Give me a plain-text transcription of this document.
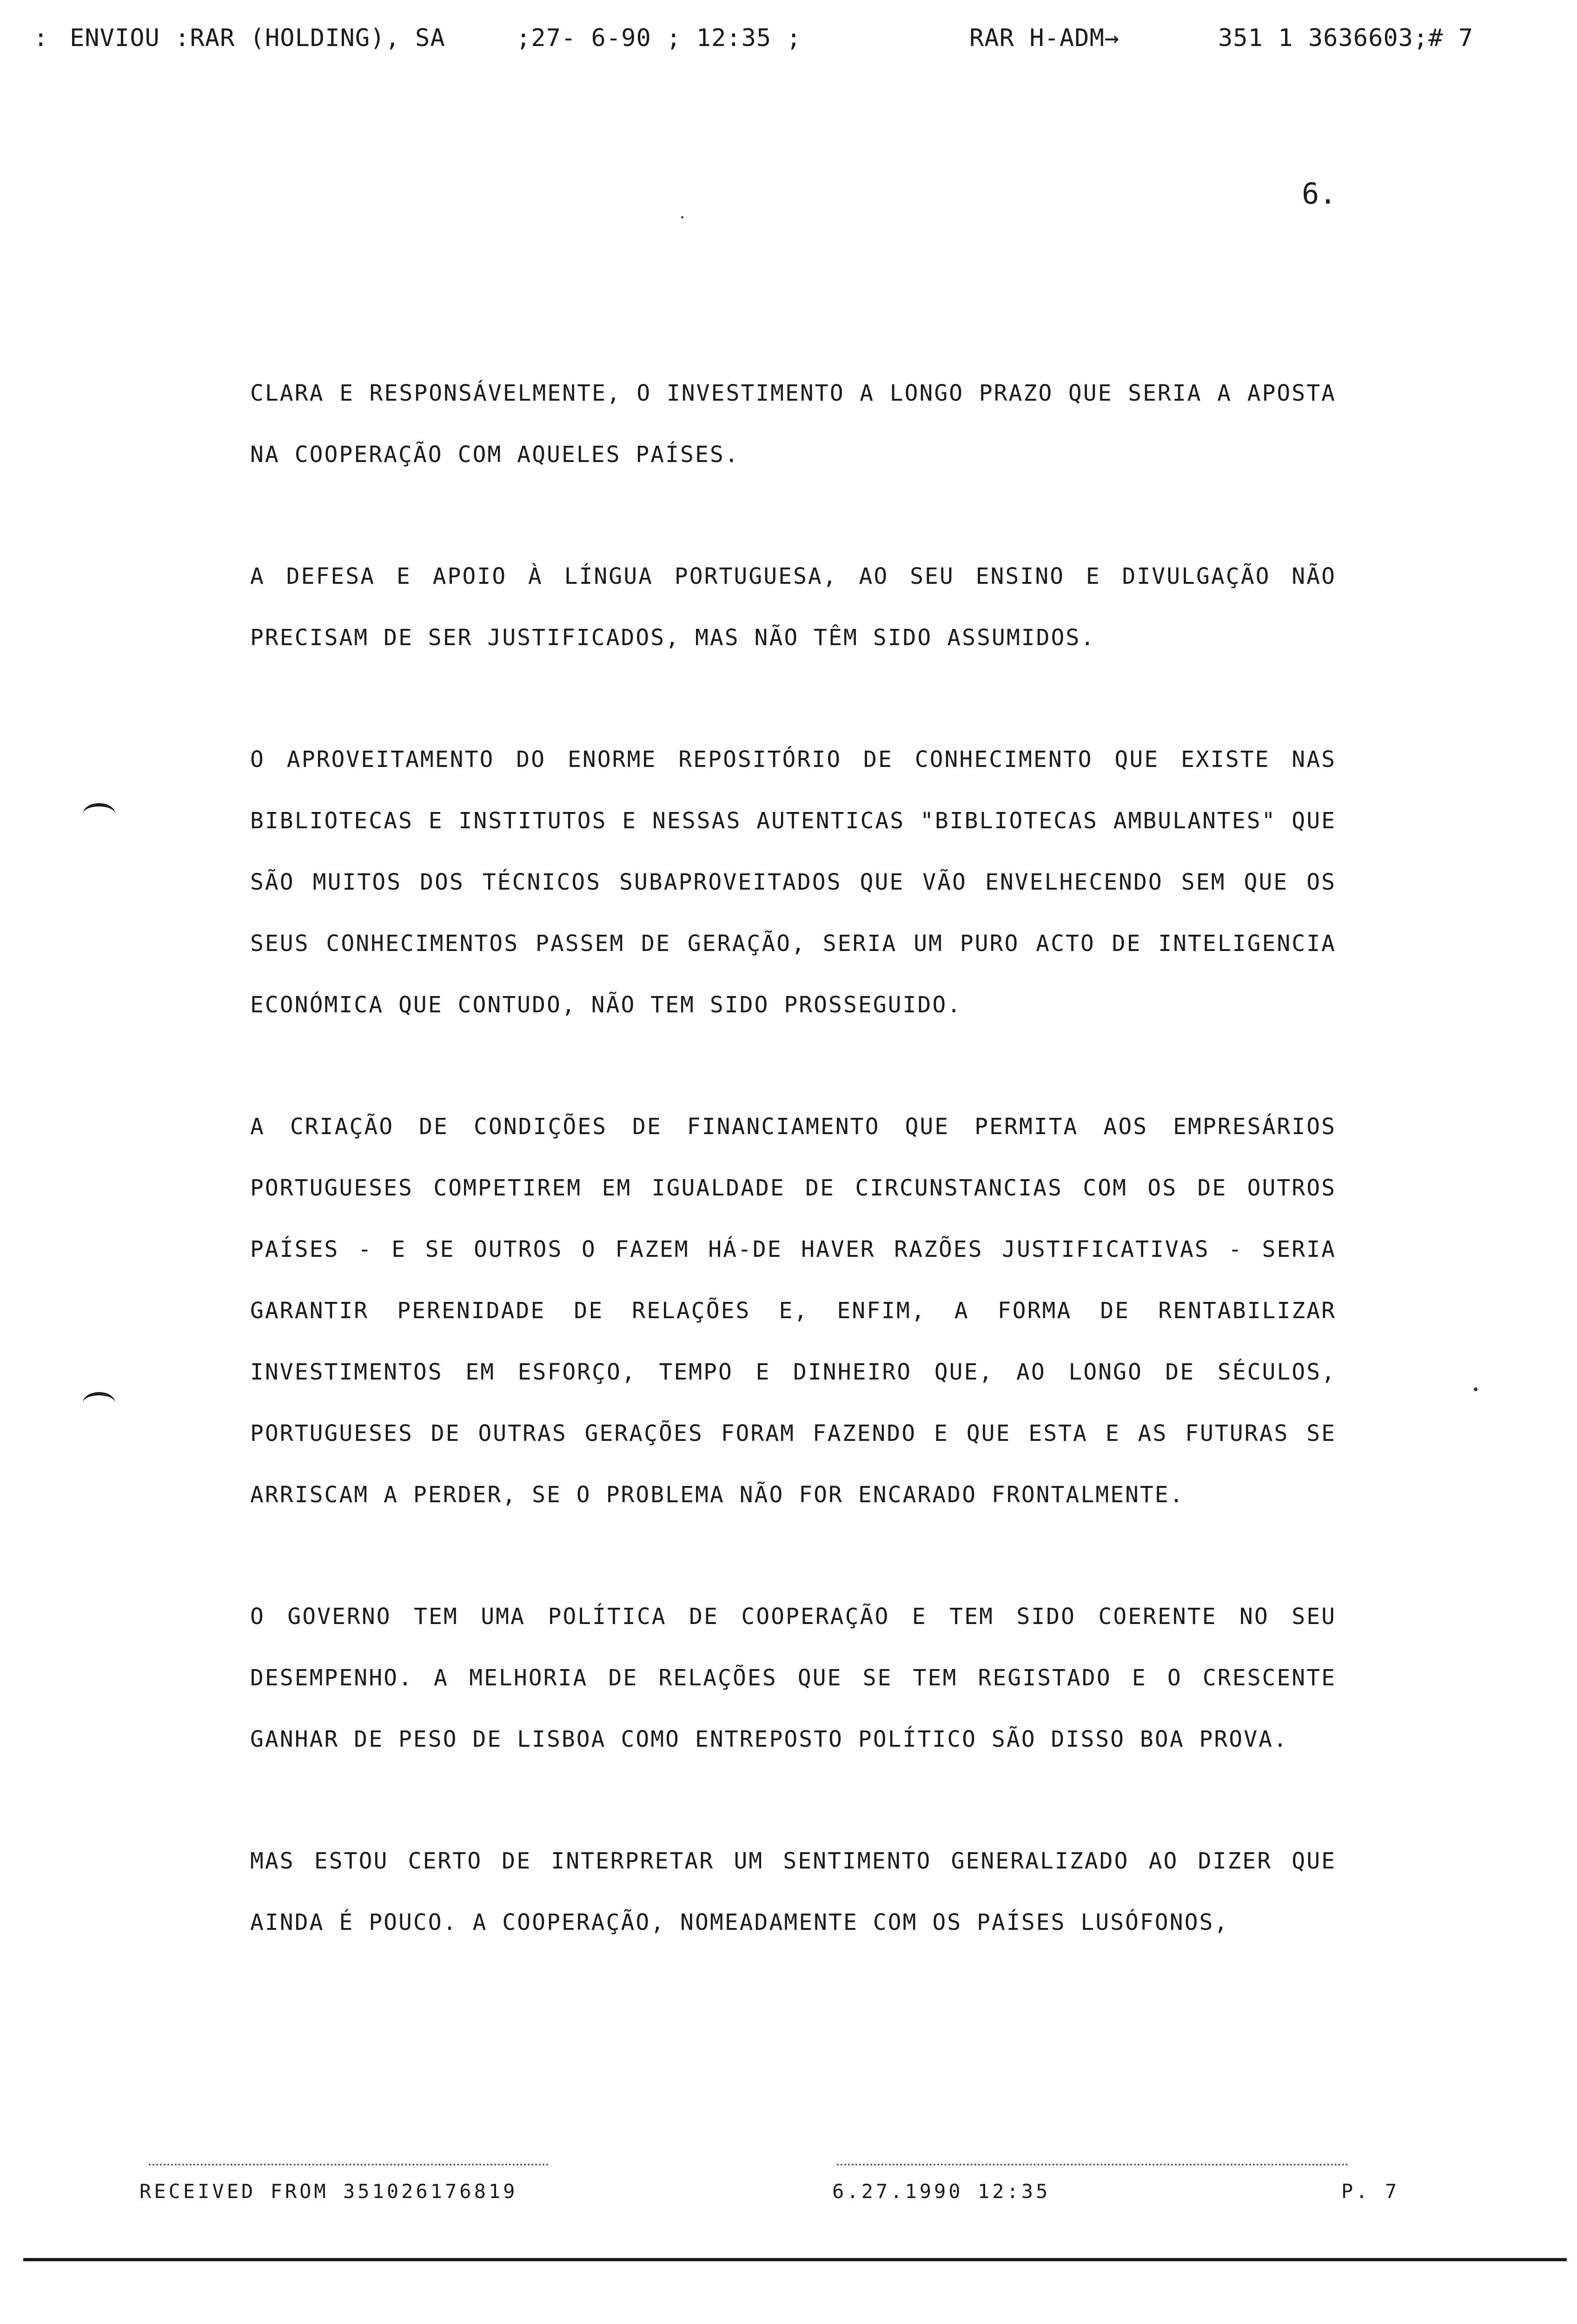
: ENVIOU :RAR (HOLDING), SA	;27- 6-90 ; 12:35 ;	RAR H-ADM→	351 1 3636603;# 7
6.

CLARA E RESPONSÁVELMENTE, O INVESTIMENTO A LONGO PRAZO QUE SERIA A APOSTA NA COOPERAÇÃO COM AQUELES PAÍSES.

A DEFESA E APOIO À LÍNGUA PORTUGUESA, AO SEU ENSINO E DIVULGAÇÃO NÃO PRECISAM DE SER JUSTIFICADOS, MAS NÃO TÊM SIDO ASSUMIDOS.

O APROVEITAMENTO DO ENORME REPOSITÓRIO DE CONHECIMENTO QUE EXISTE NAS BIBLIOTECAS E INSTITUTOS E NESSAS AUTENTICAS "BIBLIOTECAS AMBULANTES" QUE SÃO MUITOS DOS TÉCNICOS SUBAPROVEITADOS QUE VÃO ENVELHECENDO SEM QUE OS SEUS CONHECIMENTOS PASSEM DE GERAÇÃO, SERIA UM PURO ACTO DE INTELIGENCIA ECONÓMICA QUE CONTUDO, NÃO TEM SIDO PROSSEGUIDO.

A CRIAÇÃO DE CONDIÇÕES DE FINANCIAMENTO QUE PERMITA AOS EMPRESÁRIOS PORTUGUESES COMPETIREM EM IGUALDADE DE CIRCUNSTANCIAS COM OS DE OUTROS PAÍSES - E SE OUTROS O FAZEM HÁ-DE HAVER RAZÕES JUSTIFICATIVAS - SERIA GARANTIR PERENIDADE DE RELAÇÕES E, ENFIM, A FORMA DE RENTABILIZAR INVESTIMENTOS EM ESFORÇO, TEMPO E DINHEIRO QUE, AO LONGO DE SÉCULOS, PORTUGUESES DE OUTRAS GERAÇÕES FORAM FAZENDO E QUE ESTA E AS FUTURAS SE ARRISCAM A PERDER, SE O PROBLEMA NÃO FOR ENCARADO FRONTALMENTE.

O GOVERNO TEM UMA POLÍTICA DE COOPERAÇÃO E TEM SIDO COERENTE NO SEU DESEMPENHO. A MELHORIA DE RELAÇÕES QUE SE TEM REGISTADO E O CRESCENTE GANHAR DE PESO DE LISBOA COMO ENTREPOSTO POLÍTICO SÃO DISSO BOA PROVA.

MAS ESTOU CERTO DE INTERPRETAR UM SENTIMENTO GENERALIZADO AO DIZER QUE AINDA É POUCO. A COOPERAÇÃO, NOMEADAMENTE COM OS PAÍSES LUSÓFONOS,

RECEIVED FROM 351026176819	6.27.1990 12:35	P. 7
